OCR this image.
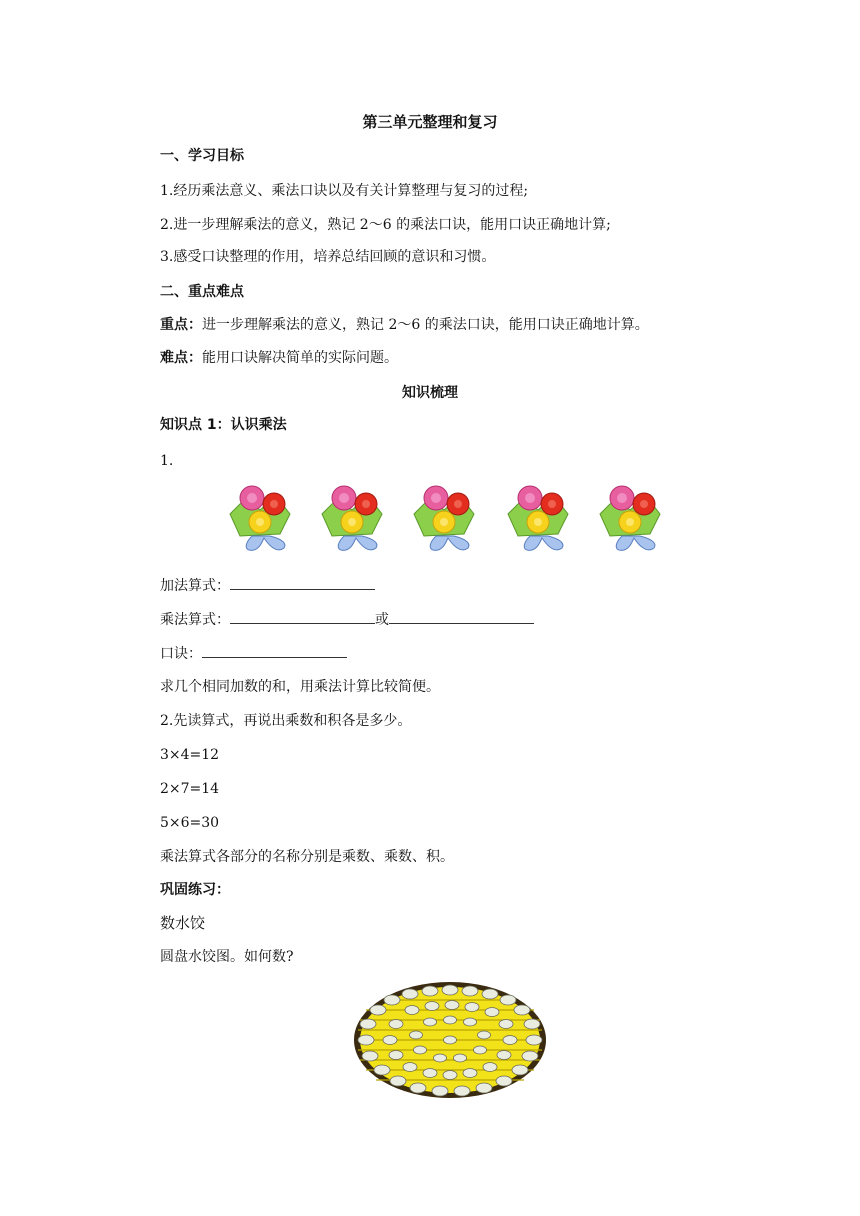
第三单元整理和复习
一、学习目标
1.经历乘法意义、乘法口诀以及有关计算整理与复习的过程;
2.进一步理解乘法的意义，熟记 2～6 的乘法口诀，能用口诀正确地计算;
3.感受口诀整理的作用，培养总结回顾的意识和习惯。
二、重点难点
重点：进一步理解乘法的意义，熟记 2～6 的乘法口诀，能用口诀正确地计算。
难点：能用口诀解决简单的实际问题。
知识梳理
知识点 1：认识乘法
1.
加法算式：
乘法算式：	或
口诀：
求几个相同加数的和，用乘法计算比较简便。
2.先读算式，再说出乘数和积各是多少。
3×4=12
2×7=14
5×6=30
乘法算式各部分的名称分别是乘数、乘数、积。
巩固练习：
数水饺
圆盘水饺图。如何数?
